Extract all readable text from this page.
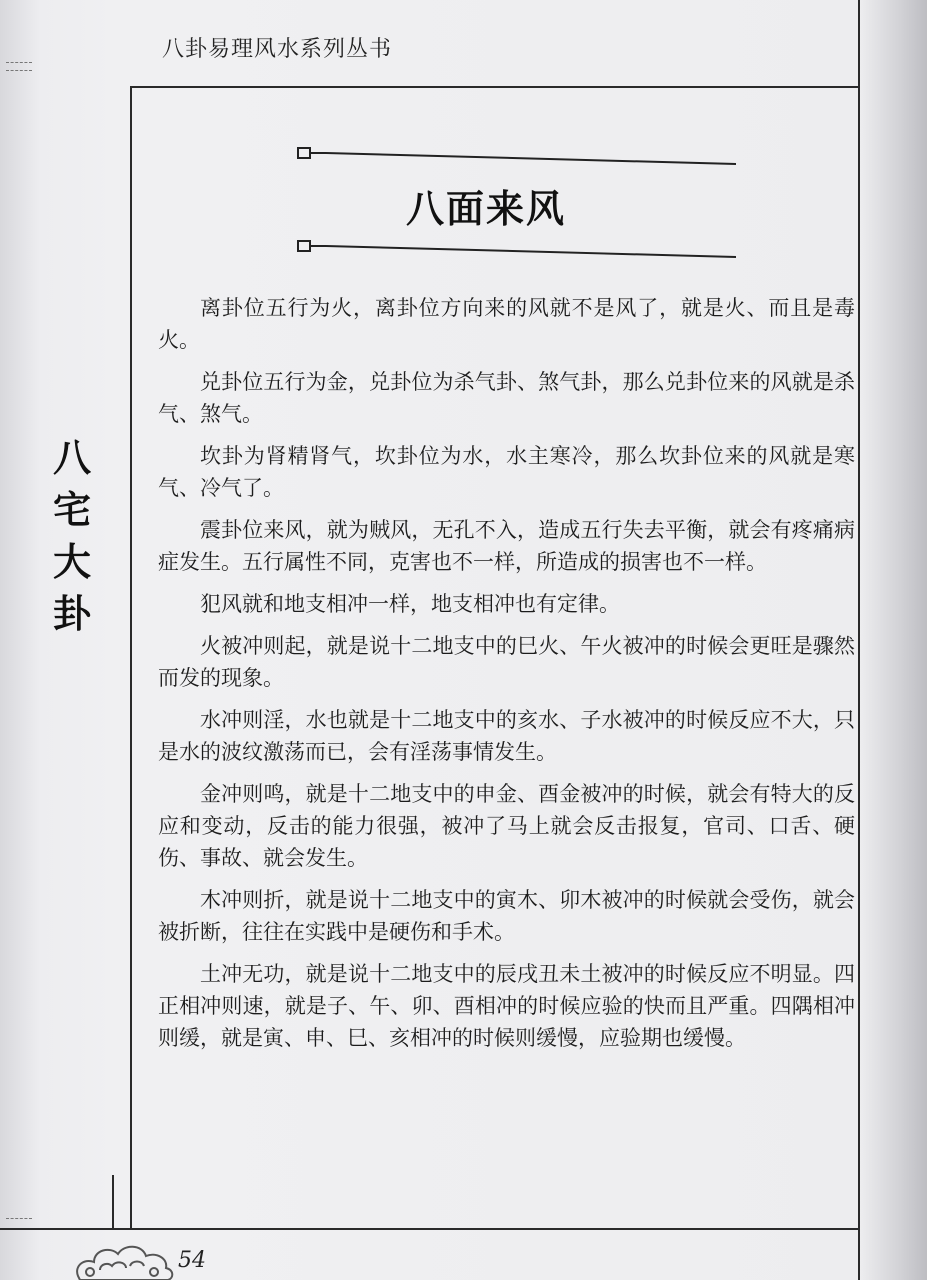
八卦易理风水系列丛书
八面来风
八
宅
大
卦

离卦位五行为火，离卦位方向来的风就不是风了，就是火、而且是毒火。

兑卦位五行为金，兑卦位为杀气卦、煞气卦，那么兑卦位来的风就是杀气、煞气。

坎卦为肾精肾气，坎卦位为水，水主寒冷，那么坎卦位来的风就是寒气、冷气了。

震卦位来风，就为贼风，无孔不入，造成五行失去平衡，就会有疼痛病症发生。五行属性不同，克害也不一样，所造成的损害也不一样。

犯风就和地支相冲一样，地支相冲也有定律。

火被冲则起，就是说十二地支中的巳火、午火被冲的时候会更旺是骤然而发的现象。

水冲则淫，水也就是十二地支中的亥水、子水被冲的时候反应不大，只是水的波纹激荡而已，会有淫荡事情发生。

金冲则鸣，就是十二地支中的申金、酉金被冲的时候，就会有特大的反应和变动，反击的能力很强，被冲了马上就会反击报复，官司、口舌、硬伤、事故、就会发生。

木冲则折，就是说十二地支中的寅木、卯木被冲的时候就会受伤，就会被折断，往往在实践中是硬伤和手术。

土冲无功，就是说十二地支中的辰戌丑未土被冲的时候反应不明显。四正相冲则速，就是子、午、卯、酉相冲的时候应验的快而且严重。四隅相冲则缓，就是寅、申、巳、亥相冲的时候则缓慢，应验期也缓慢。

54
